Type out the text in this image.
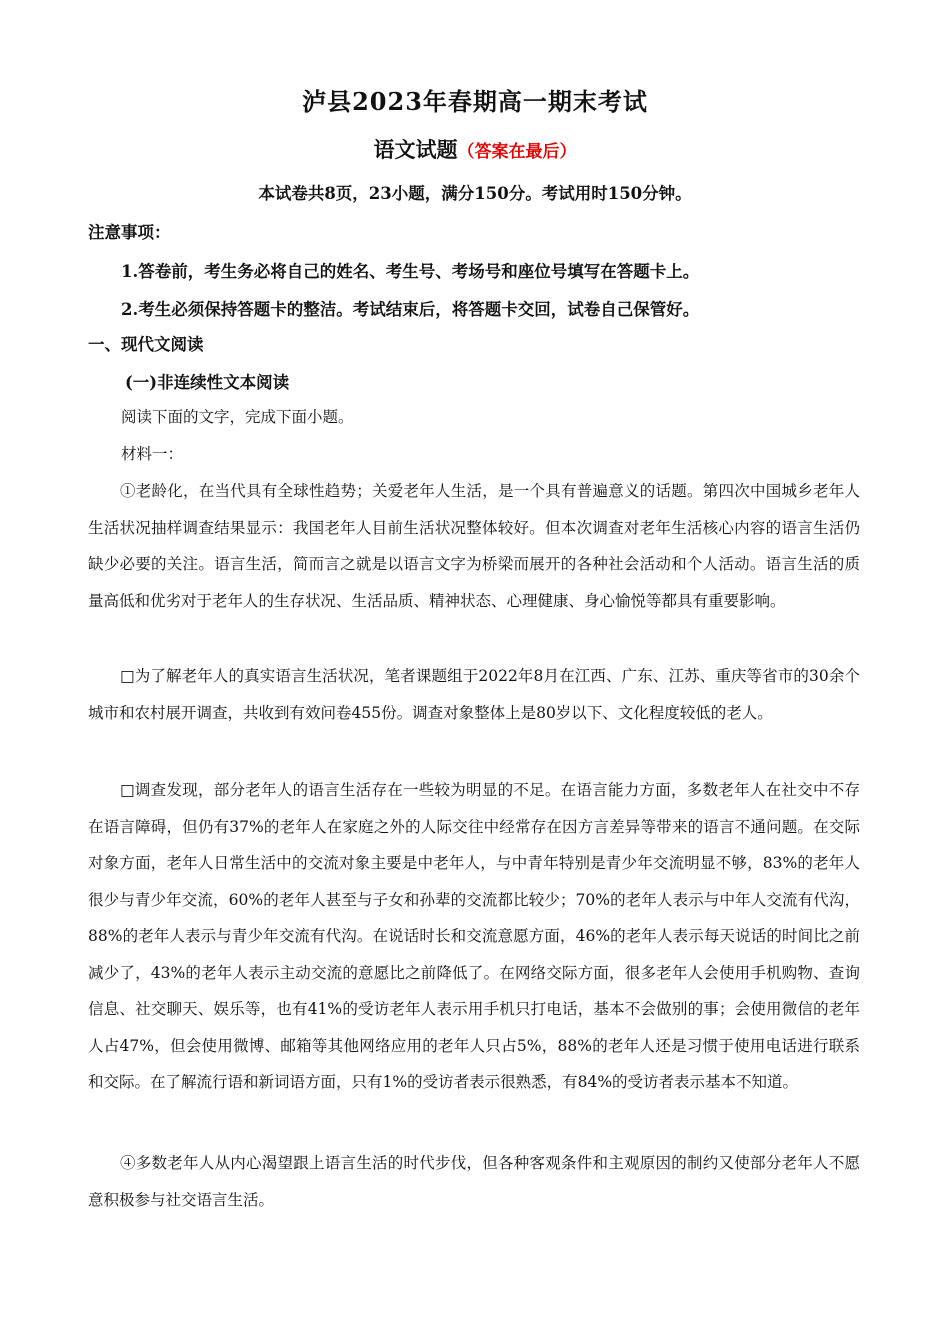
泸县2023年春期高一期末考试
语文试题（答案在最后）
本试卷共8页，23小题，满分150分。考试用时150分钟。
注意事项：
1.答卷前，考生务必将自己的姓名、考生号、考场号和座位号填写在答题卡上。
2.考生必须保持答题卡的整洁。考试结束后，将答题卡交回，试卷自己保管好。
一、现代文阅读
(一)非连续性文本阅读
阅读下面的文字，完成下面小题。
材料一：

①老龄化，在当代具有全球性趋势；关爱老年人生活，是一个具有普遍意义的话题。第四次中国城乡老年人生活状况抽样调查结果显示：我国老年人目前生活状况整体较好。但本次调查对老年生活核心内容的语言生活仍缺少必要的关注。语言生活，简而言之就是以语言文字为桥梁而展开的各种社会活动和个人活动。语言生活的质量高低和优劣对于老年人的生存状况、生活品质、精神状态、心理健康、身心愉悦等都具有重要影响。

□为了解老年人的真实语言生活状况，笔者课题组于2022年8月在江西、广东、江苏、重庆等省市的30余个城市和农村展开调查，共收到有效问卷455份。调查对象整体上是80岁以下、文化程度较低的老人。

□调查发现，部分老年人的语言生活存在一些较为明显的不足。在语言能力方面，多数老年人在社交中不存在语言障碍，但仍有37%的老年人在家庭之外的人际交往中经常存在因方言差异等带来的语言不通问题。在交际对象方面，老年人日常生活中的交流对象主要是中老年人，与中青年特别是青少年交流明显不够，83%的老年人很少与青少年交流，60%的老年人甚至与子女和孙辈的交流都比较少；70%的老年人表示与中年人交流有代沟，88%的老年人表示与青少年交流有代沟。在说话时长和交流意愿方面，46%的老年人表示每天说话的时间比之前减少了，43%的老年人表示主动交流的意愿比之前降低了。在网络交际方面，很多老年人会使用手机购物、查询信息、社交聊天、娱乐等，也有41%的受访老年人表示用手机只打电话，基本不会做别的事；会使用微信的老年人占47%，但会使用微博、邮箱等其他网络应用的老年人只占5%，88%的老年人还是习惯于使用电话进行联系和交际。在了解流行语和新词语方面，只有1%的受访者表示很熟悉，有84%的受访者表示基本不知道。

④多数老年人从内心渴望跟上语言生活的时代步伐，但各种客观条件和主观原因的制约又使部分老年人不愿意积极参与社交语言生活。
